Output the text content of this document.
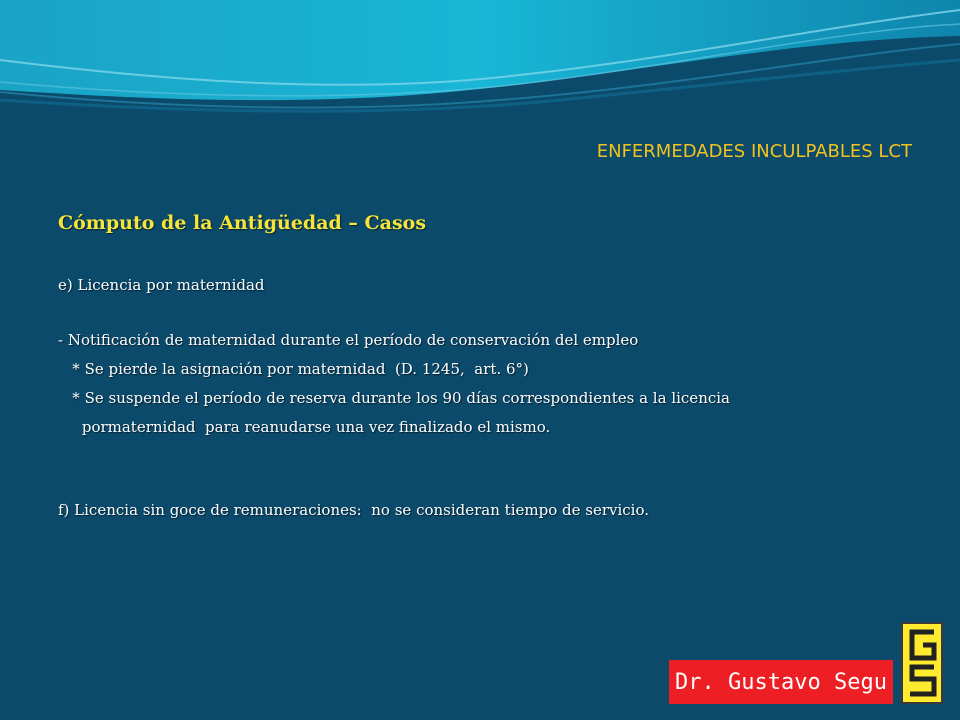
ENFERMEDADES INCULPABLES LCT
Cómputo de la Antigüedad – Casos
e) Licencia por maternidad
- Notificación de maternidad durante el período de conservación del empleo
* Se pierde la asignación por maternidad  (D. 1245,  art. 6°)
* Se suspende el período de reserva durante los 90 días correspondientes a la licencia
pormaternidad  para reanudarse una vez finalizado el mismo.
f) Licencia sin goce de remuneraciones:  no se consideran tiempo de servicio.
Dr. Gustavo Segu
